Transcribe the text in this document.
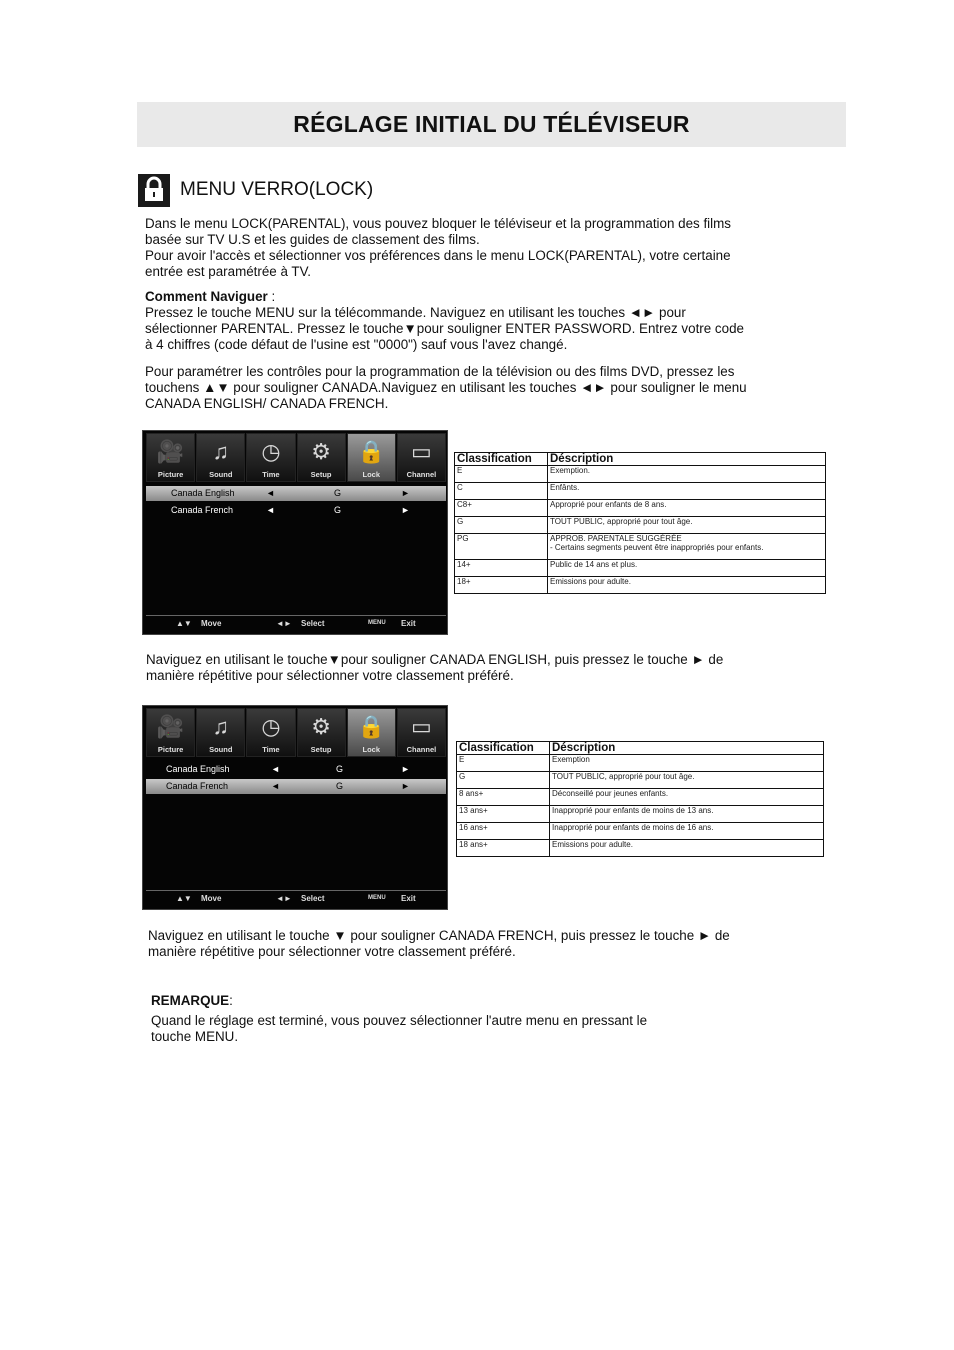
RÉGLAGE INITIAL DU TÉLÉVISEUR
MENU VERRO(LOCK)

Dans le menu LOCK(PARENTAL), vous pouvez bloquer le téléviseur et la programmation des films

basée sur TV U.S et les guides de classement des films.

Pour avoir l'accès et sélectionner vos préférences dans le menu LOCK(PARENTAL), votre certaine

entrée est paramétrée à TV.

Comment Naviguer :

Pressez le touche MENU sur la télécommande. Naviguez en utilisant les touches ◄► pour

sélectionner PARENTAL. Pressez le touche▼pour souligner ENTER PASSWORD. Entrez votre code

à 4 chiffres (code défaut de l'usine est "0000") sauf vous l'avez changé.

Pour paramétrer les contrôles pour la programmation de la télévision ou des films DVD, pressez les

touchens ▲▼ pour souligner CANADA.Naviguez en utilisant les touches ◄► pour souligner le menu

CANADA ENGLISH/ CANADA FRENCH.

🎥
Picture
♫
Sound
◷
Time
⚙
Setup
🔒
Lock
▭
Channel
Canada English	◄	G	►
Canada French	◄	G	►
▲▼ Move	◄► Select	MENU Exit
Classification	Déscription
E	Exemption.
C	Enfânts.
C8+	Approprié pour enfants de 8 ans.
G	TOUT PUBLIC, approprié pour tout âge.
PG	APPROB. PARENTALE SUGGÉRÉE
- Certains segments peuvent être inappropriés pour enfants.

14+	Public de 14 ans et plus.
18+	Emissions pour adulte.

Naviguez en utilisant le touche▼pour souligner CANADA ENGLISH, puis pressez le touche ► de

manière répétitive pour sélectionner votre classement préféré.

🎥
Picture
♫
Sound
◷
Time
⚙
Setup
🔒
Lock
▭
Channel
Canada English	◄	G	►
Canada French	◄	G	►
▲▼ Move	◄► Select	MENU Exit
Classification	Déscription
E	Exemption
G	TOUT PUBLIC, approprié pour tout âge.
8 ans+	Déconseillé pour jeunes enfants.
13 ans+	Inapproprié pour enfants de moins de 13 ans.
16 ans+	Inapproprié pour enfants de moins de 16 ans.
18 ans+	Emissions pour adulte.

Naviguez en utilisant le touche ▼ pour souligner CANADA FRENCH, puis pressez le touche ► de

manière répétitive pour sélectionner votre classement préféré.

REMARQUE:

Quand le réglage est terminé, vous pouvez sélectionner l'autre menu en pressant le

touche MENU.
